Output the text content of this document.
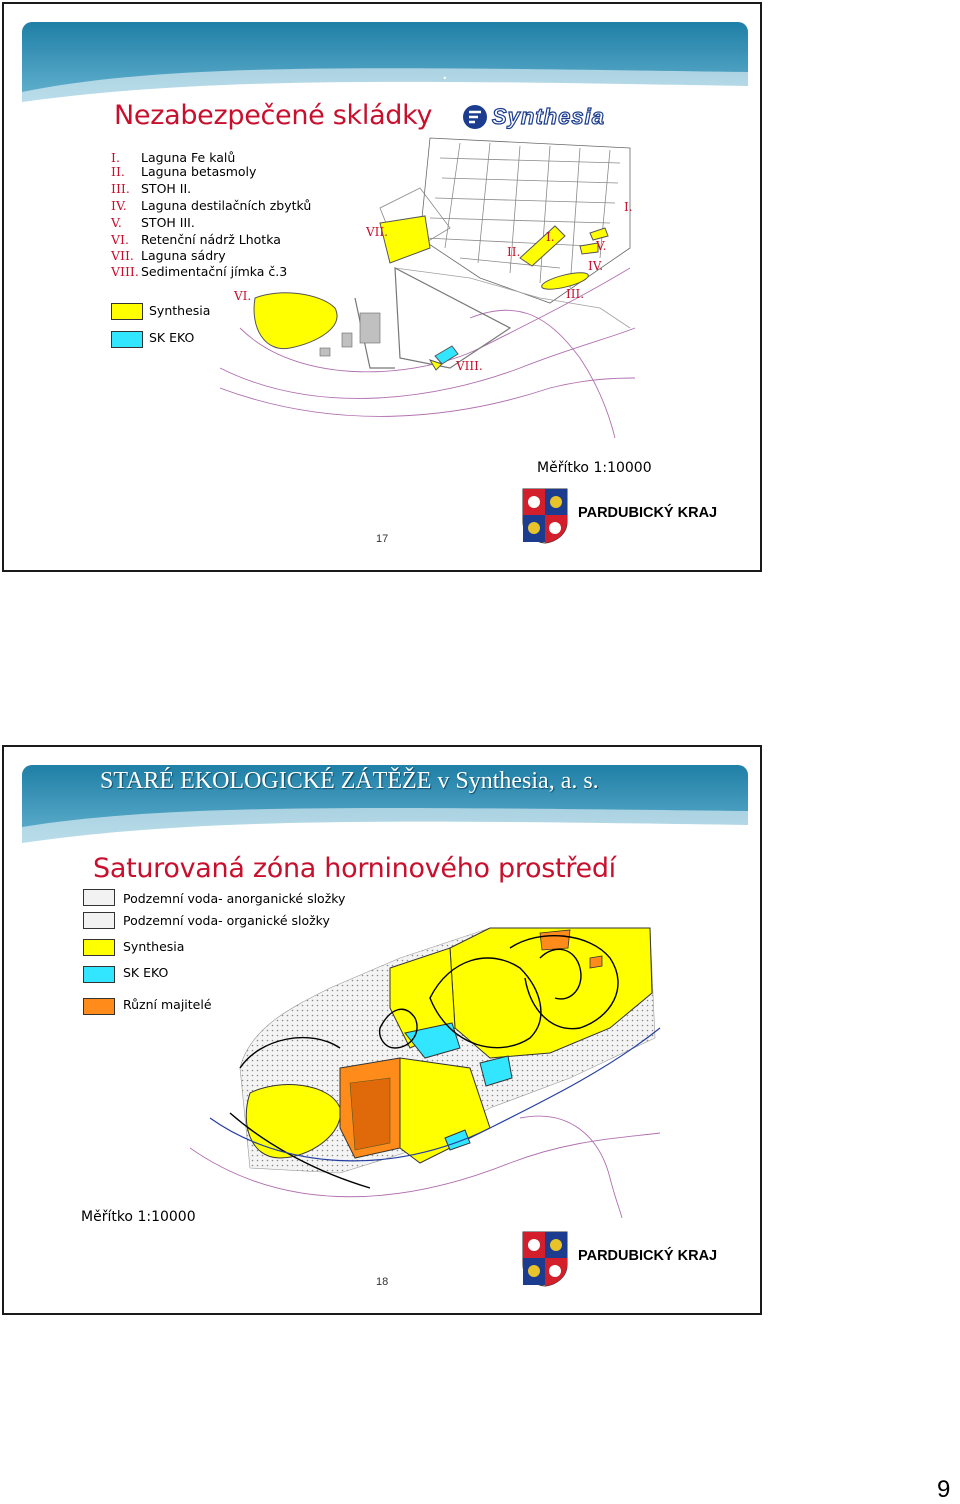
.
Nezabezpečené skládky	Synthesia
I. Laguna Fe kalů
II. Laguna betasmoly
III. STOH II.
IV. Laguna destilačních zbytků
V. STOH III.
VI. Retenční nádrž Lhotka
VII. Laguna sádry
VIII. Sedimentační jímka č.3
Synthesia
SK EKO
VII.
VI.
II.
I.
I.
V.
IV.
III.
VIII.
Měřítko 1:10000
PARDUBICKÝ KRAJ
17
STARÉ EKOLOGICKÉ ZÁTĚŽE v Synthesia, a. s.
Saturovaná zóna horninového prostředí
Podzemní voda- anorganické složky
Podzemní voda- organické složky
Synthesia
SK EKO
Různí majitelé
Měřítko 1:10000
PARDUBICKÝ KRAJ
18
9
